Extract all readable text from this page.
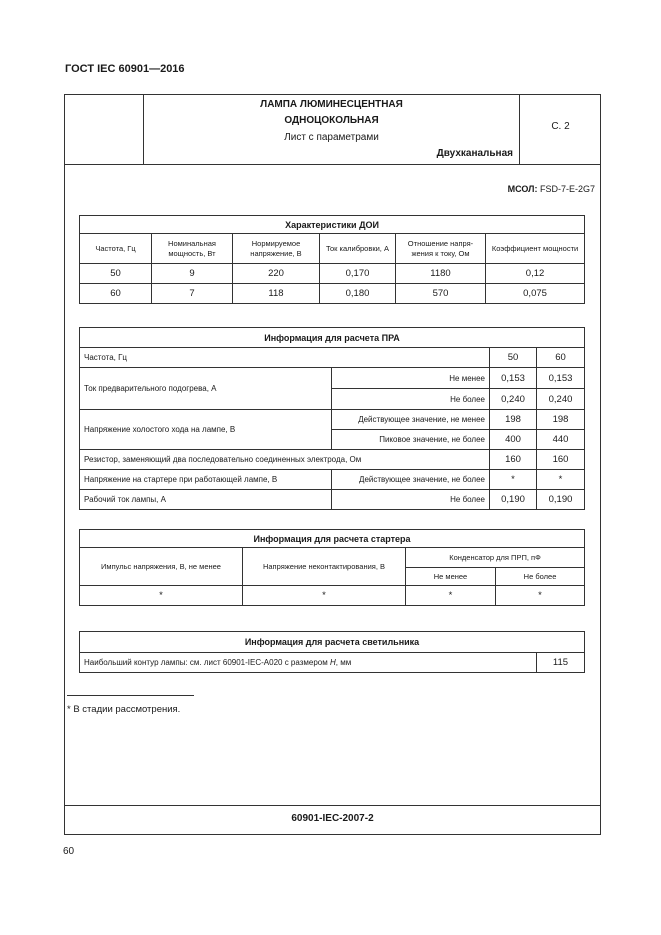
ГОСТ IEC 60901—2016
ЛАМПА ЛЮМИНЕСЦЕНТНАЯ
ОДНОЦОКОЛЬНАЯ
Лист с параметрами
Двухканальная
С. 2
МСОЛ: FSD-7-E-2G7
Характеристики ДОИ					
Частота, Гц	Номинальная мощность, Вт	Нормируемое напряжение, В	Ток калибровки, А	Отношение напря-жения к току, Ом	Коэффициент мощности
50	9	220	0,170	1180	0,12
60	7	118	0,180	570	0,075
Информация для расчета ПРА			
Частота, Гц		50	60
Ток предварительного подогрева, А	Не менее	0,153	0,153
	Не более	0,240	0,240
Напряжение холостого хода на лампе, В	Действующее значение, не менее	198	198
	Пиковое значение, не более	400	440
Резистор, заменяющий два последовательно соединенных электрода, Ом		160	160
Напряжение на стартере при работающей лампе, В	Действующее значение, не более	*	*
Рабочий ток лампы, А	Не более	0,190	0,190
Информация для расчета стартера			
Импульс напряжения, В, не менее	Напряжение неконтактирования, В	Конденсатор для ПРП, пФ	
		Не менее	Не более
*	*	*	*
Информация для расчета светильника
Наибольший контур лампы: см. лист 60901-IEC-A020 с размером H, мм	115
* В стадии рассмотрения.
60901-IEC-2007-2
60
